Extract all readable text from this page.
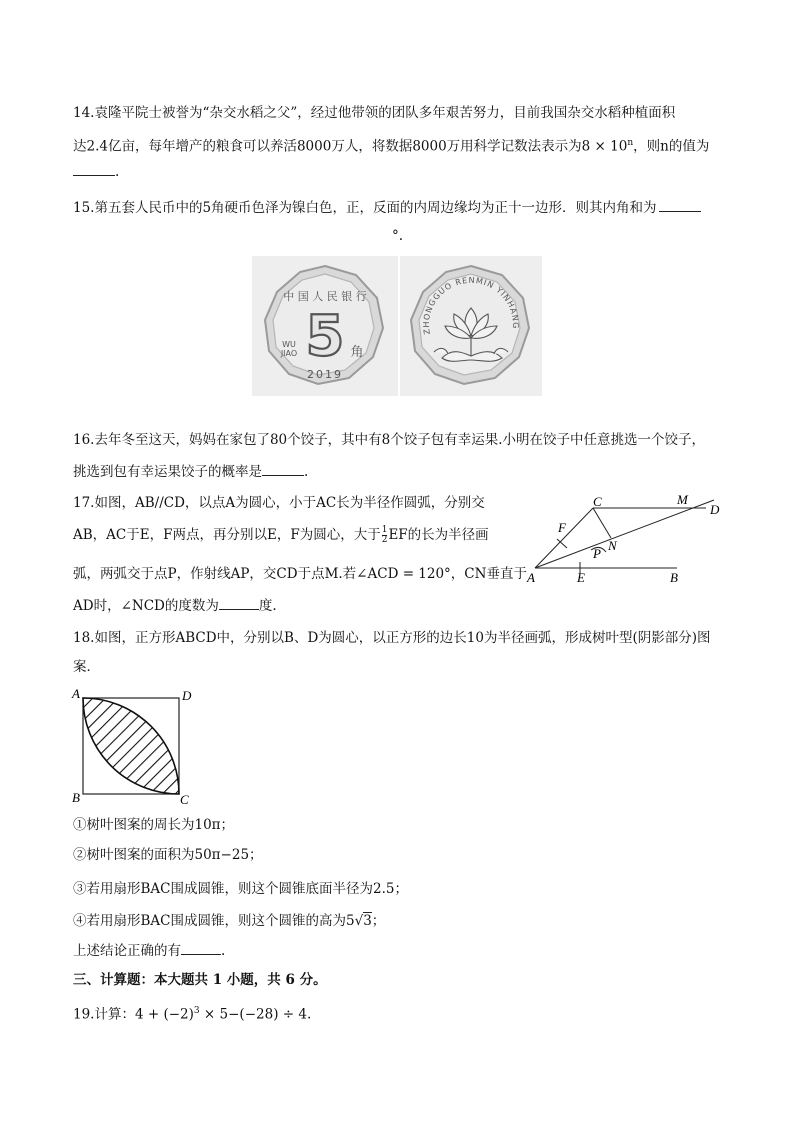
14.袁隆平院士被誉为“杂交水稻之父”，经过他带领的团队多年艰苦努力，目前我国杂交水稻种植面积
达2.4亿亩，每年增产的粮食可以养活8000万人，将数据8000万用科学记数法表示为$8 \times 10^n$，则n的值为
.
15.第五套人民币中的5角硬币色泽为镍白色，正，反面的内周边缘均为正十一边形．则其内角和为
°.
中 国 人 民 银 行
5
WU
JIAO	角
2019
ZHONGGUO RENMIN YINHANG
16.去年冬至这天，妈妈在家包了80个饺子，其中有8个饺子包有幸运果.小明在饺子中任意挑选一个饺子，
挑选到包有幸运果饺子的概率是	.
17.如图，AB//CD，以点A为圆心，小于AC长为半径作圆弧，分别交
AB，AC于E，F两点，再分别以E，F为圆心，大于 $\frac{1}{2}$ EF的长为半径画
弧，两弧交于点P，作射线AP，交CD于点M.若∠ACD = 120°，CN垂直于
AD时，∠NCD的度数为	度.
A	B
C
D
E
F
M
N
P
18.如图，正方形ABCD中，分别以B、D为圆心，以正方形的边长10为半径画弧，形成树叶型(阴影部分)图
案．
A	D
B	C
①树叶图案的周长为10π；
②树叶图案的面积为50π−25；
③若用扇形BAC围成圆锥，则这个圆锥底面半径为2.5；
④若用扇形BAC围成圆锥，则这个圆锥的高为5√3；
上述结论正确的有	.
三、计算题：本大题共 1 小题，共 6 分。
19.计算：$4 + (-2)^3 \times 5-(-28) \div 4$.
